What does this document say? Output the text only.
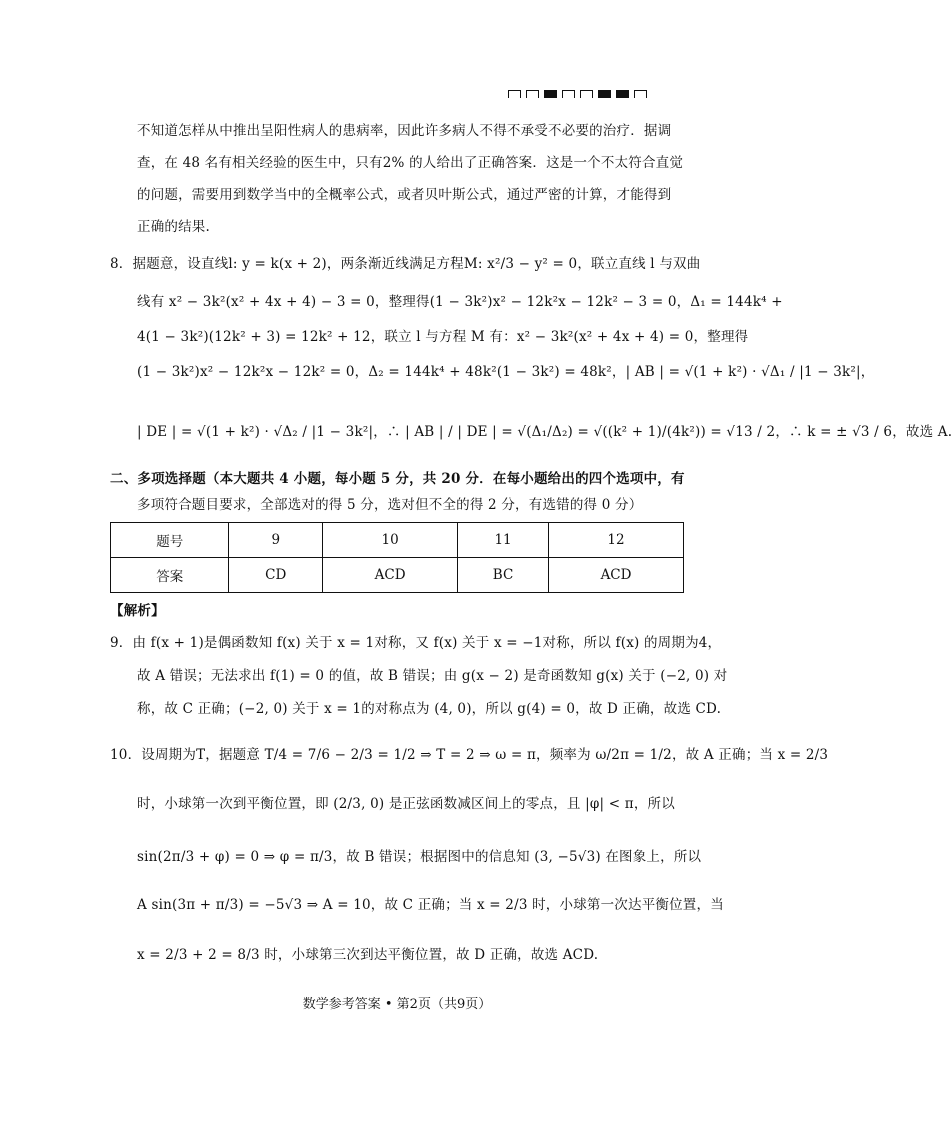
不知道怎样从中推出呈阳性病人的患病率，因此许多病人不得不承受不必要的治疗．据调
查，在 48 名有相关经验的医生中，只有2% 的人给出了正确答案．这是一个不太符合直觉
的问题，需要用到数学当中的全概率公式，或者贝叶斯公式，通过严密的计算，才能得到
正确的结果.
8．据题意，设直线l: y = k(x + 2)，两条渐近线满足方程M: x²/3 − y² = 0，联立直线 l 与双曲
线有 x² − 3k²(x² + 4x + 4) − 3 = 0，整理得(1 − 3k²)x² − 12k²x − 12k² − 3 = 0，Δ₁ = 144k⁴ +
4(1 − 3k²)(12k² + 3) = 12k² + 12，联立 l 与方程 M 有：x² − 3k²(x² + 4x + 4) = 0，整理得
(1 − 3k²)x² − 12k²x − 12k² = 0，Δ₂ = 144k⁴ + 48k²(1 − 3k²) = 48k²，| AB | = √(1 + k²) · √Δ₁ / |1 − 3k²|，
| DE | = √(1 + k²) · √Δ₂ / |1 − 3k²|，∴ | AB | / | DE | = √(Δ₁/Δ₂) = √((k² + 1)/(4k²)) = √13 / 2，∴ k = ± √3 / 6，故选 A.
二、多项选择题（本大题共 4 小题，每小题 5 分，共 20 分．在每小题给出的四个选项中，有
多项符合题目要求，全部选对的得 5 分，选对但不全的得 2 分，有选错的得 0 分）
题号	9	10	11	12
答案	CD	ACD	BC	ACD
【解析】
9．由 f(x + 1)是偶函数知 f(x) 关于 x = 1对称，又 f(x) 关于 x = −1对称，所以 f(x) 的周期为4，
故 A 错误；无法求出 f(1) = 0 的值，故 B 错误；由 g(x − 2) 是奇函数知 g(x) 关于 (−2, 0) 对
称，故 C 正确；(−2, 0) 关于 x = 1的对称点为 (4, 0)，所以 g(4) = 0，故 D 正确，故选 CD.
10．设周期为T，据题意 T/4 = 7/6 − 2/3 = 1/2 ⇒ T = 2 ⇒ ω = π，频率为 ω/2π = 1/2，故 A 正确；当 x = 2/3
时，小球第一次到平衡位置，即 (2/3, 0) 是正弦函数减区间上的零点，且 |φ| < π，所以
sin(2π/3 + φ) = 0 ⇒ φ = π/3，故 B 错误；根据图中的信息知 (3, −5√3) 在图象上，所以
A sin(3π + π/3) = −5√3 ⇒ A = 10，故 C 正确；当 x = 2/3 时，小球第一次达平衡位置，当
x = 2/3 + 2 = 8/3 时，小球第三次到达平衡位置，故 D 正确，故选 ACD.
数学参考答案 • 第2页（共9页）
